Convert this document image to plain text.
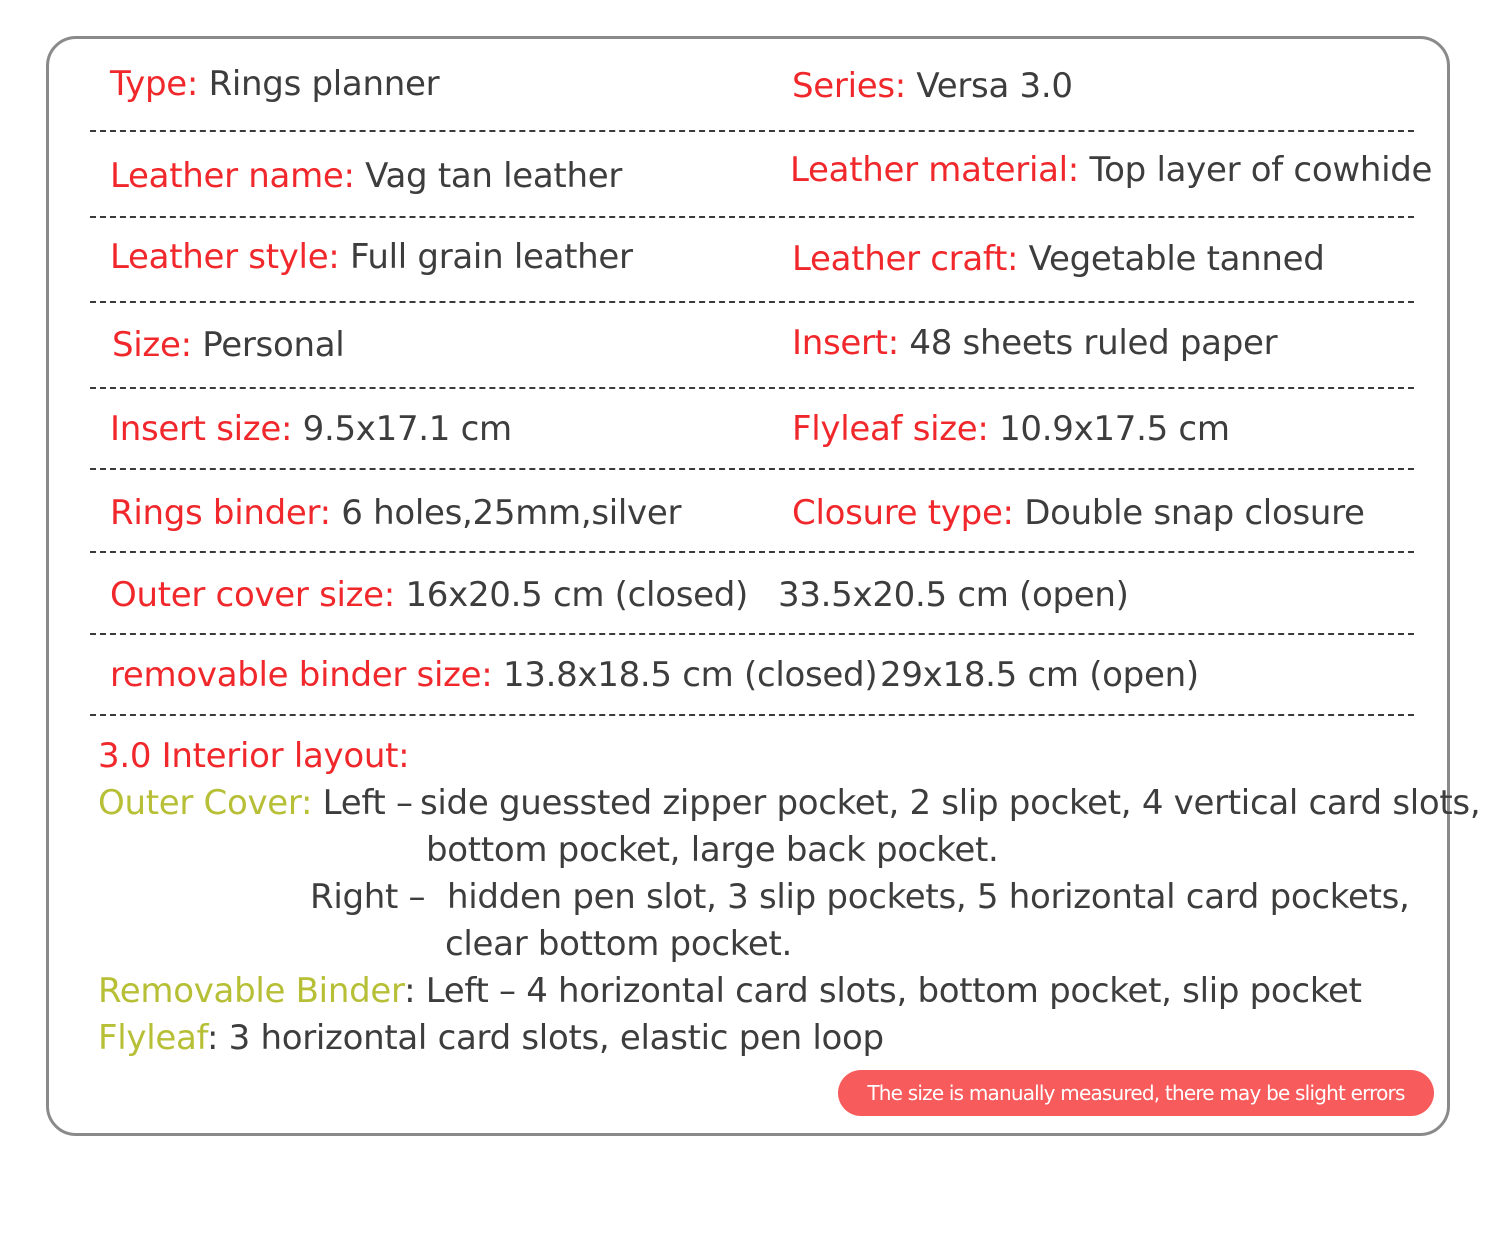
Type: Rings planner	Series: Versa 3.0
Leather name: Vag tan leather	Leather material: Top layer of cowhide
Leather style: Full grain leather	Leather craft: Vegetable tanned
Size: Personal	Insert: 48 sheets ruled paper
Insert size: 9.5x17.1 cm	Flyleaf size: 10.9x17.5 cm
Rings binder: 6 holes,25mm,silver	Closure type: Double snap closure
Outer cover size: 16x20.5 cm (closed) 33.5x20.5 cm (open)
removable binder size: 13.8x18.5 cm (closed) 29x18.5 cm (open)
3.0 Interior layout:
Outer Cover: Left – side guessted zipper pocket, 2 slip pocket, 4 vertical card slots,
bottom pocket, large back pocket.
Right – hidden pen slot, 3 slip pockets, 5 horizontal card pockets,
clear bottom pocket.
Removable Binder: Left – 4 horizontal card slots, bottom pocket, slip pocket
Flyleaf: 3 horizontal card slots, elastic pen loop
The size is manually measured, there may be slight errors
